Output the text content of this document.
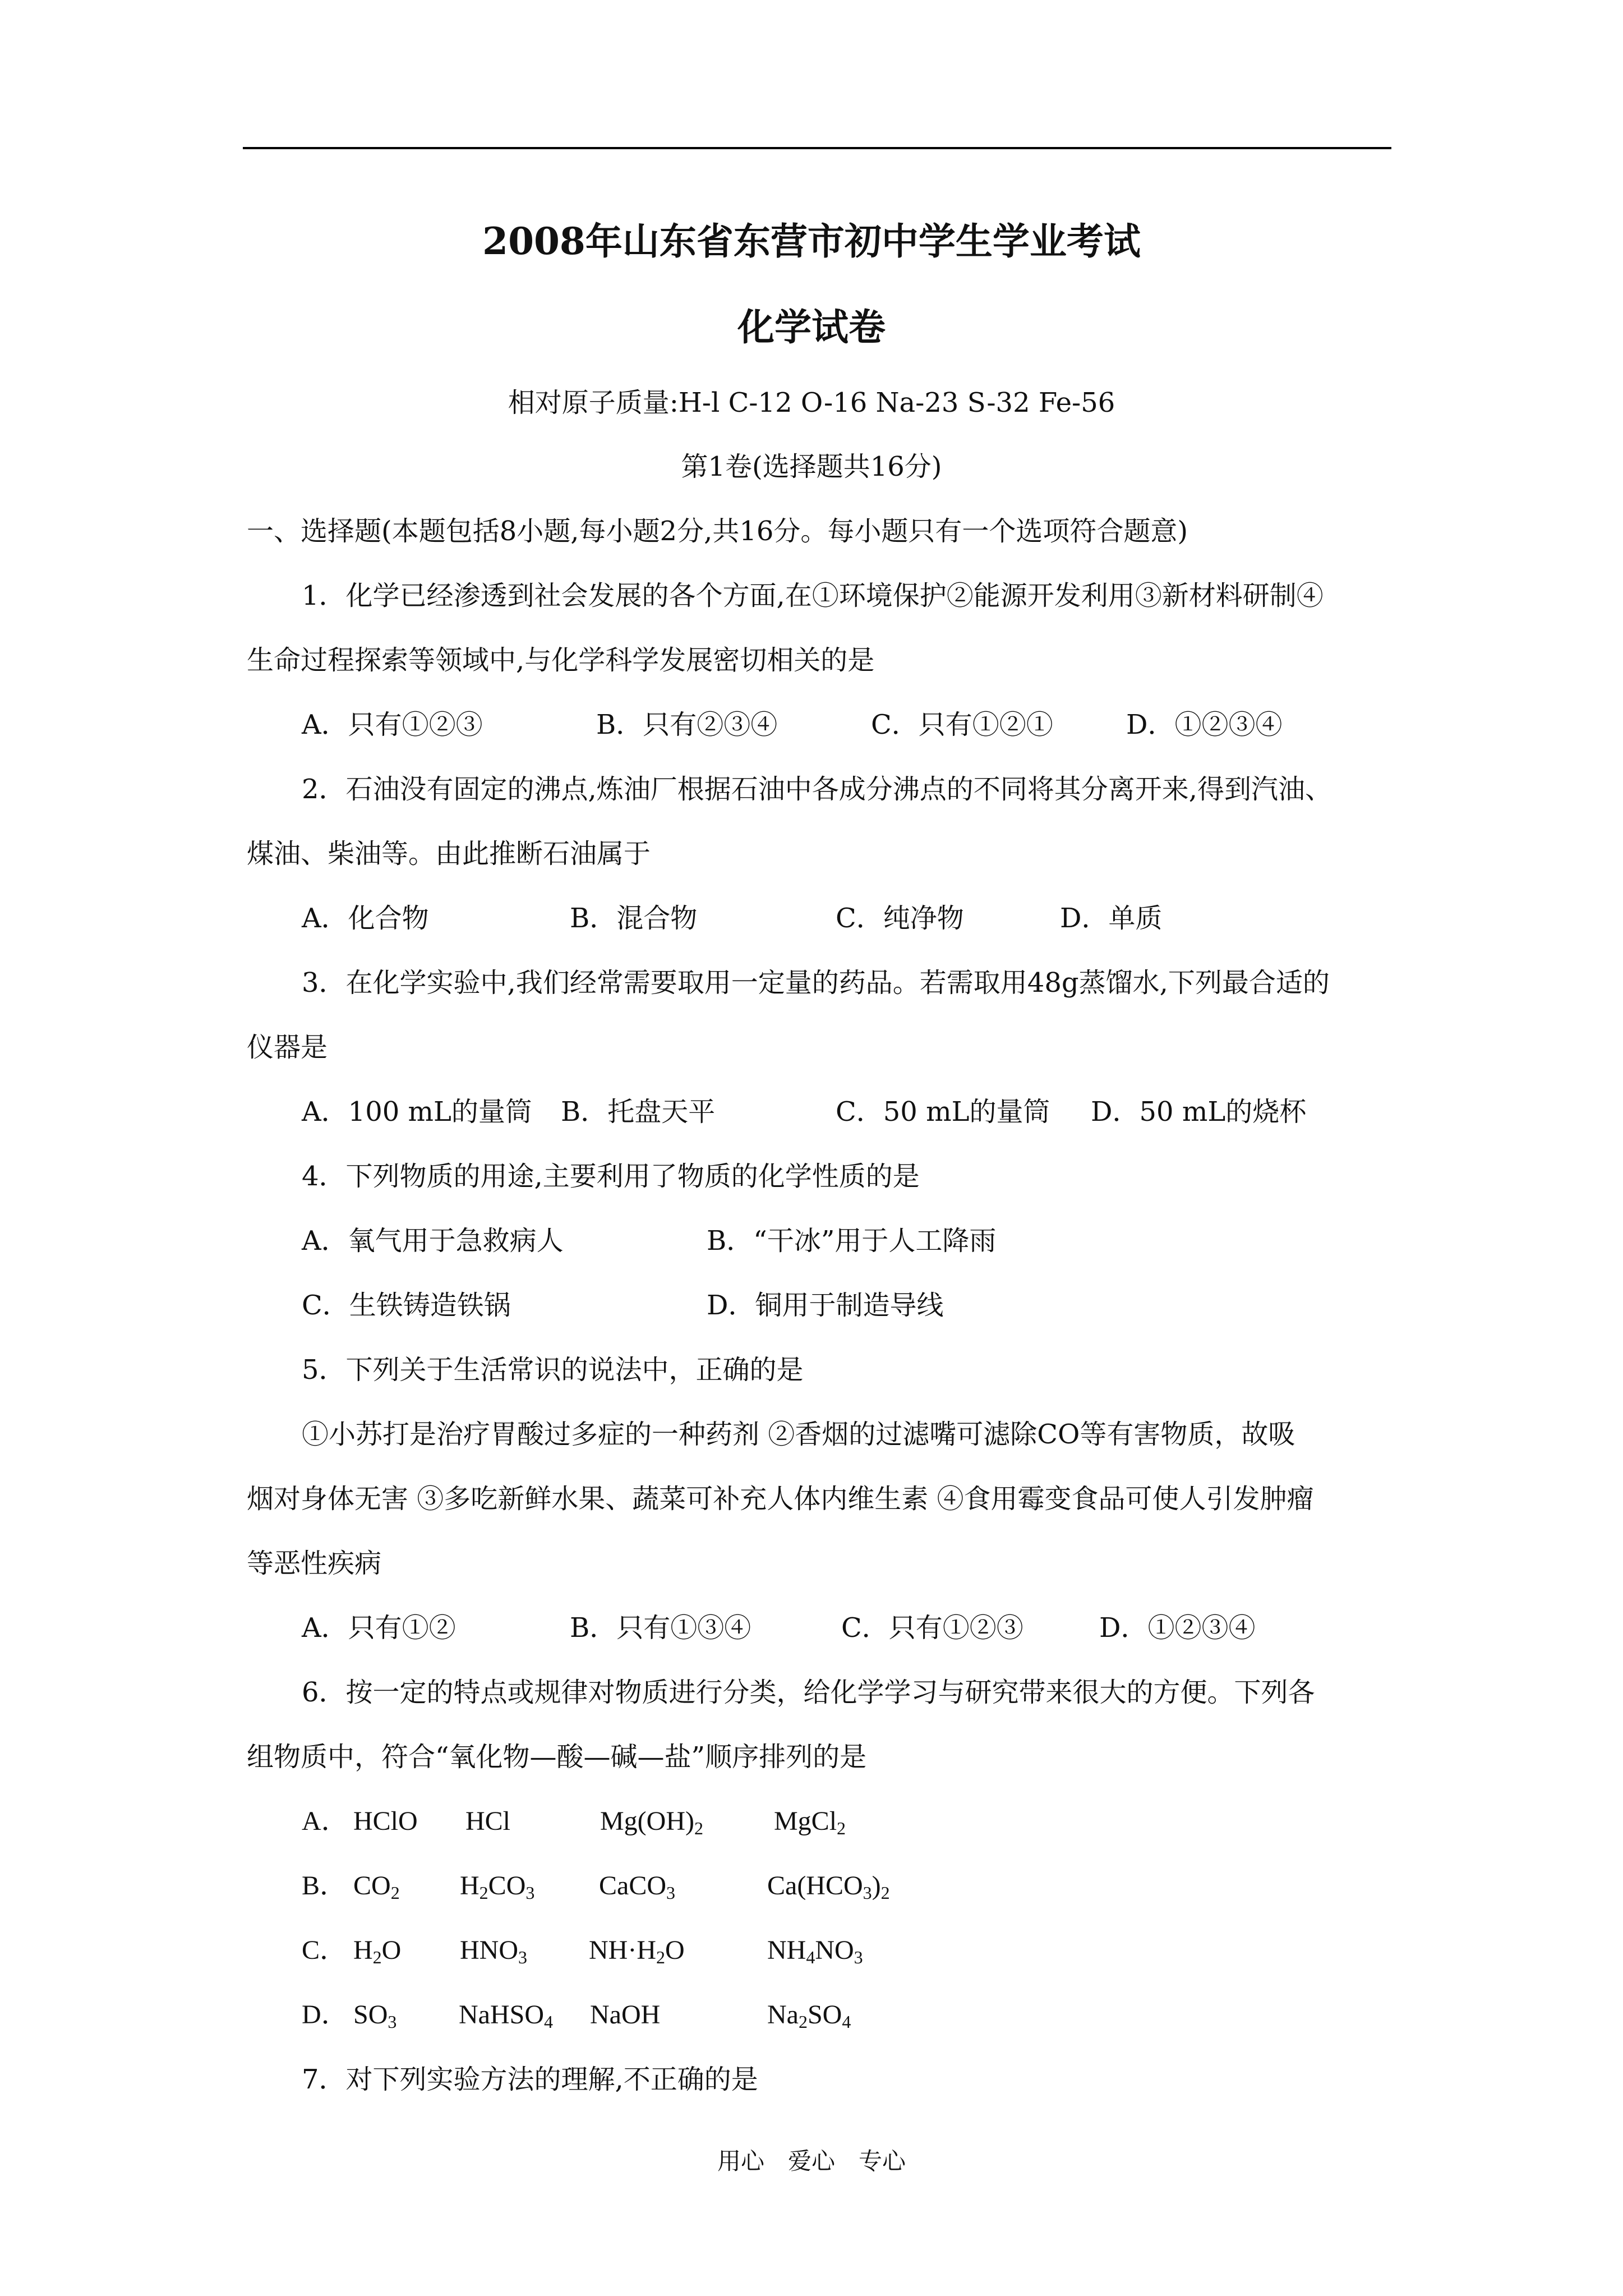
2008年山东省东营市初中学生学业考试
化学试卷
相对原子质量:H-l C-12 O-16 Na-23 S-32 Fe-56
第1卷(选择题共16分)
一、选择题(本题包括8小题,每小题2分,共16分。每小题只有一个选项符合题意)
1．化学已经渗透到社会发展的各个方面,在①环境保护②能源开发利用③新材料研制④
生命过程探索等领域中,与化学科学发展密切相关的是
A．只有①②③	B．只有②③④	C．只有①②①	D．①②③④
2．石油没有固定的沸点,炼油厂根据石油中各成分沸点的不同将其分离开来,得到汽油、
煤油、柴油等。由此推断石油属于
A．化合物	B．混合物	C．纯净物	D．单质
3．在化学实验中,我们经常需要取用一定量的药品。若需取用48g蒸馏水,下列最合适的
仪器是
A．100 mL的量筒 B．托盘天平	C．50 mL的量筒 D．50 mL的烧杯
4．下列物质的用途,主要利用了物质的化学性质的是
A．氧气用于急救病人	B．“干冰”用于人工降雨
C．生铁铸造铁锅	D．铜用于制造导线
5．下列关于生活常识的说法中，正确的是
①小苏打是治疗胃酸过多症的一种药剂 ②香烟的过滤嘴可滤除CO等有害物质，故吸
烟对身体无害 ③多吃新鲜水果、蔬菜可补充人体内维生素 ④食用霉变食品可使人引发肿瘤
等恶性疾病
A．只有①②	B．只有①③④	C．只有①②③	D．①②③④
6．按一定的特点或规律对物质进行分类，给化学学习与研究带来很大的方便。下列各
组物质中，符合“氧化物—酸—碱—盐”顺序排列的是
A． HClO HCl	$Mg(OH)_2$	MgCl$_2$
B． $CO_2$ $H_2CO_3$ CaCO$_3$	$Ca(HCO_3)_2$
C． $H_2O$ $HNO_3$ $NH\cdot H_2O$	$NH_4NO_3$
D． $SO_3$ NaHSO$_4$ NaOH	$Na_2SO_4$
7．对下列实验方法的理解,不正确的是
用心　爱心　专心
